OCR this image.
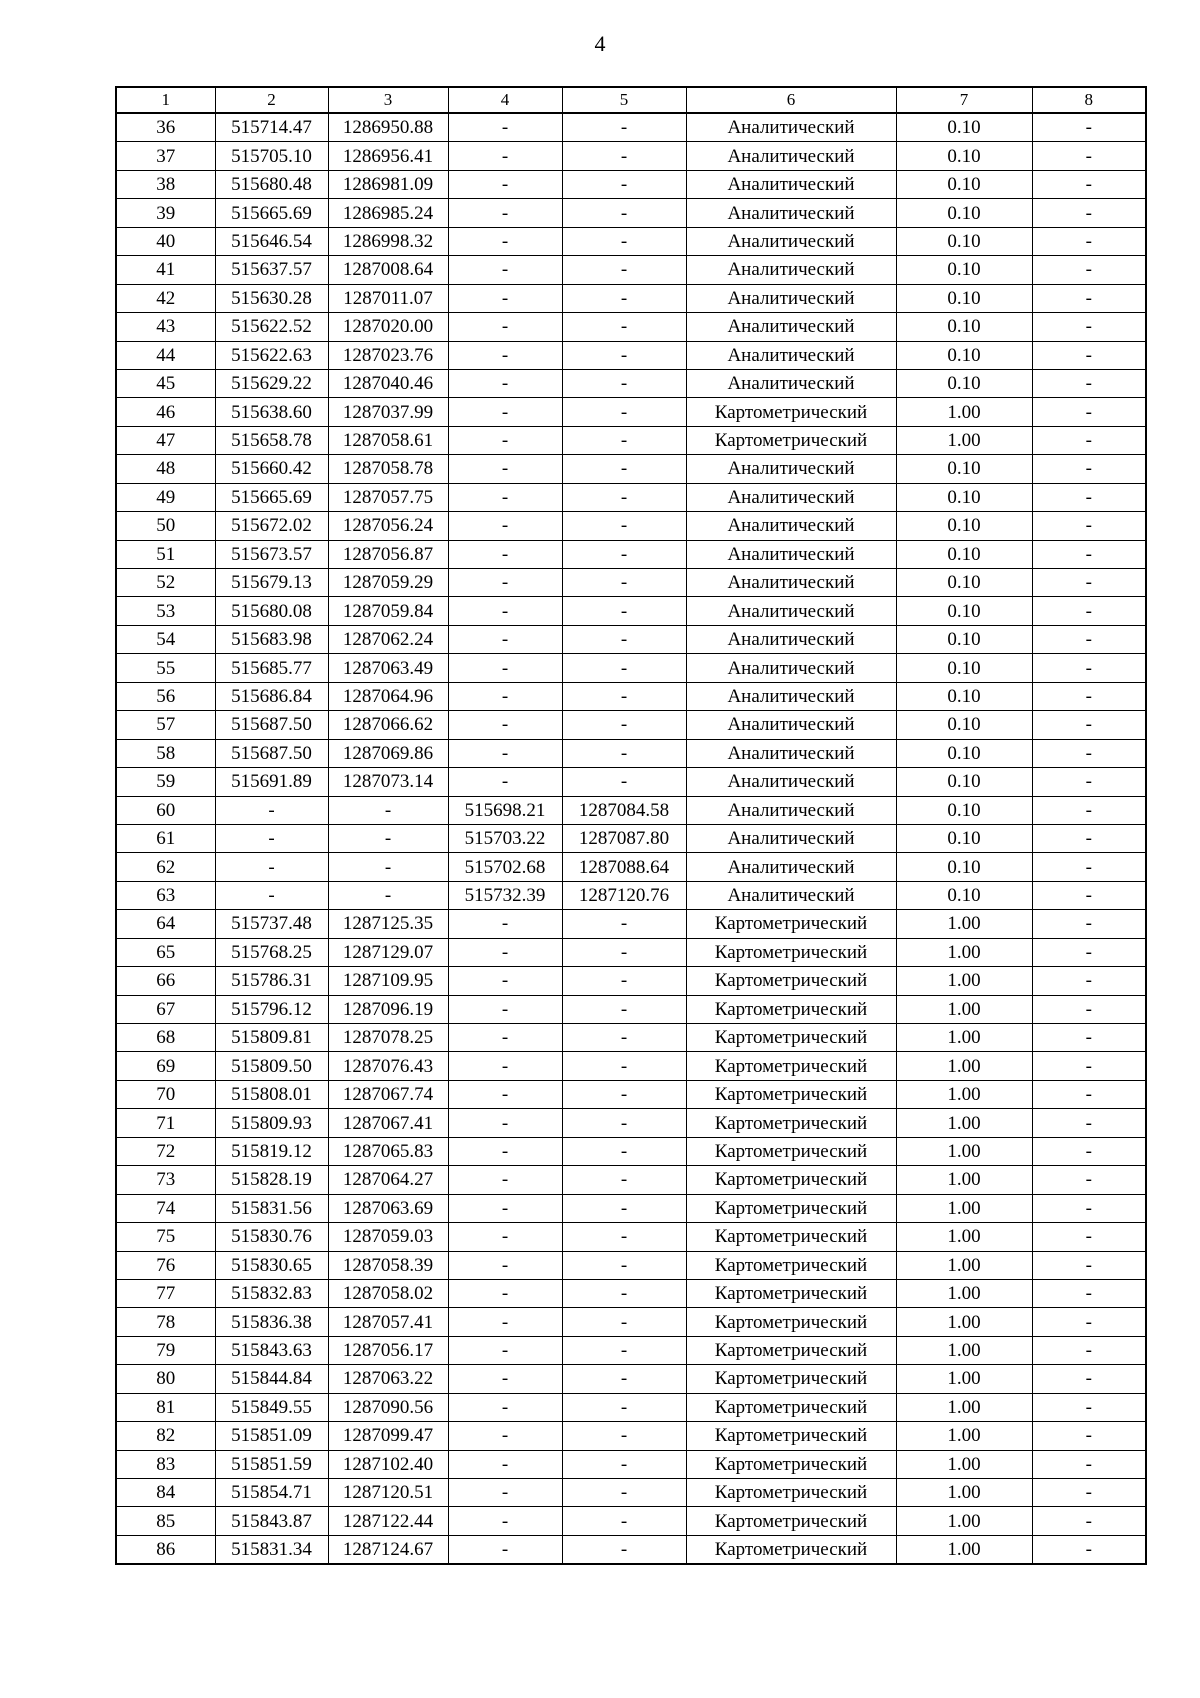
4
1	2	3	4	5	6	7	8
36	515714.47	1286950.88	-	-	Аналитический	0.10	-
37	515705.10	1286956.41	-	-	Аналитический	0.10	-
38	515680.48	1286981.09	-	-	Аналитический	0.10	-
39	515665.69	1286985.24	-	-	Аналитический	0.10	-
40	515646.54	1286998.32	-	-	Аналитический	0.10	-
41	515637.57	1287008.64	-	-	Аналитический	0.10	-
42	515630.28	1287011.07	-	-	Аналитический	0.10	-
43	515622.52	1287020.00	-	-	Аналитический	0.10	-
44	515622.63	1287023.76	-	-	Аналитический	0.10	-
45	515629.22	1287040.46	-	-	Аналитический	0.10	-
46	515638.60	1287037.99	-	-	Картометрический	1.00	-
47	515658.78	1287058.61	-	-	Картометрический	1.00	-
48	515660.42	1287058.78	-	-	Аналитический	0.10	-
49	515665.69	1287057.75	-	-	Аналитический	0.10	-
50	515672.02	1287056.24	-	-	Аналитический	0.10	-
51	515673.57	1287056.87	-	-	Аналитический	0.10	-
52	515679.13	1287059.29	-	-	Аналитический	0.10	-
53	515680.08	1287059.84	-	-	Аналитический	0.10	-
54	515683.98	1287062.24	-	-	Аналитический	0.10	-
55	515685.77	1287063.49	-	-	Аналитический	0.10	-
56	515686.84	1287064.96	-	-	Аналитический	0.10	-
57	515687.50	1287066.62	-	-	Аналитический	0.10	-
58	515687.50	1287069.86	-	-	Аналитический	0.10	-
59	515691.89	1287073.14	-	-	Аналитический	0.10	-
60	-	-	515698.21	1287084.58	Аналитический	0.10	-
61	-	-	515703.22	1287087.80	Аналитический	0.10	-
62	-	-	515702.68	1287088.64	Аналитический	0.10	-
63	-	-	515732.39	1287120.76	Аналитический	0.10	-
64	515737.48	1287125.35	-	-	Картометрический	1.00	-
65	515768.25	1287129.07	-	-	Картометрический	1.00	-
66	515786.31	1287109.95	-	-	Картометрический	1.00	-
67	515796.12	1287096.19	-	-	Картометрический	1.00	-
68	515809.81	1287078.25	-	-	Картометрический	1.00	-
69	515809.50	1287076.43	-	-	Картометрический	1.00	-
70	515808.01	1287067.74	-	-	Картометрический	1.00	-
71	515809.93	1287067.41	-	-	Картометрический	1.00	-
72	515819.12	1287065.83	-	-	Картометрический	1.00	-
73	515828.19	1287064.27	-	-	Картометрический	1.00	-
74	515831.56	1287063.69	-	-	Картометрический	1.00	-
75	515830.76	1287059.03	-	-	Картометрический	1.00	-
76	515830.65	1287058.39	-	-	Картометрический	1.00	-
77	515832.83	1287058.02	-	-	Картометрический	1.00	-
78	515836.38	1287057.41	-	-	Картометрический	1.00	-
79	515843.63	1287056.17	-	-	Картометрический	1.00	-
80	515844.84	1287063.22	-	-	Картометрический	1.00	-
81	515849.55	1287090.56	-	-	Картометрический	1.00	-
82	515851.09	1287099.47	-	-	Картометрический	1.00	-
83	515851.59	1287102.40	-	-	Картометрический	1.00	-
84	515854.71	1287120.51	-	-	Картометрический	1.00	-
85	515843.87	1287122.44	-	-	Картометрический	1.00	-
86	515831.34	1287124.67	-	-	Картометрический	1.00	-
